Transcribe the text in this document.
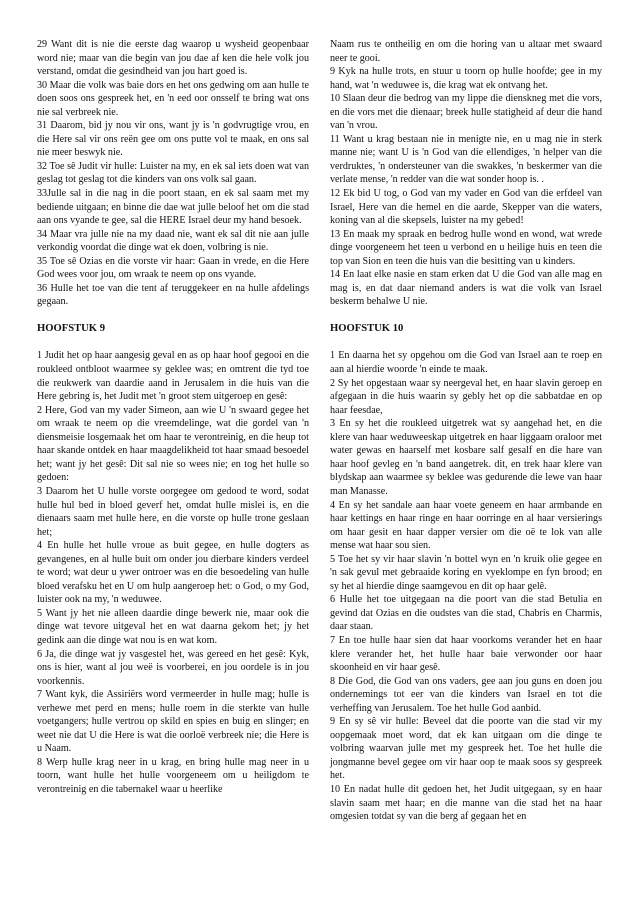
29 Want dit is nie die eerste dag waarop u wysheid geopenbaar word nie; maar van die begin van jou dae af ken die hele volk jou verstand, omdat die gesindheid van jou hart goed is.

30 Maar die volk was baie dors en het ons gedwing om aan hulle te doen soos ons gespreek het, en 'n eed oor onsself te bring wat ons nie sal verbreek nie.

31 Daarom, bid jy nou vir ons, want jy is 'n godvrugtige vrou, en die Here sal vir ons reën gee om ons putte vol te maak, en ons sal nie meer beswyk nie.

32 Toe sê Judit vir hulle: Luister na my, en ek sal iets doen wat van geslag tot geslag tot die kinders van ons volk sal gaan.

33Julle sal in die nag in die poort staan, en ek sal saam met my bediende uitgaan; en binne die dae wat julle beloof het om die stad aan ons vyande te gee, sal die HERE Israel deur my hand besoek.

34 Maar vra julle nie na my daad nie, want ek sal dit nie aan julle verkondig voordat die dinge wat ek doen, volbring is nie.

35 Toe sê Ozias en die vorste vir haar: Gaan in vrede, en die Here God wees voor jou, om wraak te neem op ons vyande.

36 Hulle het toe van die tent af teruggekeer en na hulle afdelings gegaan.

HOOFSTUK 9

1 Judit het op haar aangesig geval en as op haar hoof gegooi en die roukleed ontbloot waarmee sy geklee was; en omtrent die tyd toe die reukwerk van daardie aand in Jerusalem in die huis van die Here gebring is, het Judit met 'n groot stem uitgeroep en gesê:

2 Here, God van my vader Simeon, aan wie U 'n swaard gegee het om wraak te neem op die vreemdelinge, wat die gordel van 'n diensmeisie losgemaak het om haar te verontreinig, en die heup tot haar skande ontdek en haar maagdelikheid tot haar smaad besoedel het; want jy het gesê: Dit sal nie so wees nie; en tog het hulle so gedoen:

3 Daarom het U hulle vorste oorgegee om gedood te word, sodat hulle hul bed in bloed geverf het, omdat hulle mislei is, en die dienaars saam met hulle here, en die vorste op hulle trone geslaan het;

4 En hulle het hulle vroue as buit gegee, en hulle dogters as gevangenes, en al hulle buit om onder jou dierbare kinders verdeel te word; wat deur u ywer ontroer was en die besoedeling van hulle bloed verafsku het en U om hulp aangeroep het: o God, o my God, luister ook na my, 'n weduwee.

5 Want jy het nie alleen daardie dinge bewerk nie, maar ook die dinge wat tevore uitgeval het en wat daarna gekom het; jy het gedink aan die dinge wat nou is en wat kom.

6 Ja, die dinge wat jy vasgestel het, was gereed en het gesê: Kyk, ons is hier, want al jou weë is voorberei, en jou oordele is in jou voorkennis.

7 Want kyk, die Assiriërs word vermeerder in hulle mag; hulle is verhewe met perd en mens; hulle roem in die sterkte van hulle voetgangers; hulle vertrou op skild en spies en buig en slinger; en weet nie dat U die Here is wat die oorloë verbreek nie; die Here is u Naam.

8 Werp hulle krag neer in u krag, en bring hulle mag neer in u toorn, want hulle het hulle voorgeneem om u heiligdom te verontreinig en die tabernakel waar u heerlike

Naam rus te ontheilig en om die horing van u altaar met swaard neer te gooi.

9 Kyk na hulle trots, en stuur u toorn op hulle hoofde; gee in my hand, wat 'n weduwee is, die krag wat ek ontvang het.

10 Slaan deur die bedrog van my lippe die dienskneg met die vors, en die vors met die dienaar; breek hulle statigheid af deur die hand van 'n vrou.

11 Want u krag bestaan nie in menigte nie, en u mag nie in sterk manne nie; want U is 'n God van die ellendiges, 'n helper van die verdruktes, 'n ondersteuner van die swakkes, 'n beskermer van die verlate mense, 'n redder van die wat sonder hoop is. .

12 Ek bid U tog, o God van my vader en God van die erfdeel van Israel, Here van die hemel en die aarde, Skepper van die waters, koning van al die skepsels, luister na my gebed!

13 En maak my spraak en bedrog hulle wond en wond, wat wrede dinge voorgeneem het teen u verbond en u heilige huis en teen die top van Sion en teen die huis van die besitting van u kinders.

14 En laat elke nasie en stam erken dat U die God van alle mag en mag is, en dat daar niemand anders is wat die volk van Israel beskerm behalwe U nie.

HOOFSTUK 10

1 En daarna het sy opgehou om die God van Israel aan te roep en aan al hierdie woorde 'n einde te maak.

2 Sy het opgestaan waar sy neergeval het, en haar slavin geroep en afgegaan in die huis waarin sy gebly het op die sabbatdae en op haar feesdae,

3 En sy het die roukleed uitgetrek wat sy aangehad het, en die klere van haar weduweeskap uitgetrek en haar liggaam oraloor met water gewas en haarself met kosbare salf gesalf en die hare van haar hoof gevleg en 'n band aangetrek. dit, en trek haar klere van blydskap aan waarmee sy beklee was gedurende die lewe van haar man Manasse.

4 En sy het sandale aan haar voete geneem en haar armbande en haar kettings en haar ringe en haar oorringe en al haar versierings om haar gesit en haar dapper versier om die oë te lok van alle mense wat haar sou sien.

5 Toe het sy vir haar slavin 'n bottel wyn en 'n kruik olie gegee en 'n sak gevul met gebraaide koring en vyeklompe en fyn brood; en sy het al hierdie dinge saamgevou en dit op haar gelê.

6 Hulle het toe uitgegaan na die poort van die stad Betulia en gevind dat Ozias en die oudstes van die stad, Chabris en Charmis, daar staan.

7 En toe hulle haar sien dat haar voorkoms verander het en haar klere verander het, het hulle haar baie verwonder oor haar skoonheid en vir haar gesê.

8 Die God, die God van ons vaders, gee aan jou guns en doen jou ondernemings tot eer van die kinders van Israel en tot die verheffing van Jerusalem. Toe het hulle God aanbid.

9 En sy sê vir hulle: Beveel dat die poorte van die stad vir my oopgemaak moet word, dat ek kan uitgaan om die dinge te volbring waarvan julle met my gespreek het. Toe het hulle die jongmanne bevel gegee om vir haar oop te maak soos sy gespreek het.

10 En nadat hulle dit gedoen het, het Judit uitgegaan, sy en haar slavin saam met haar; en die manne van die stad het na haar omgesien totdat sy van die berg af gegaan het en
